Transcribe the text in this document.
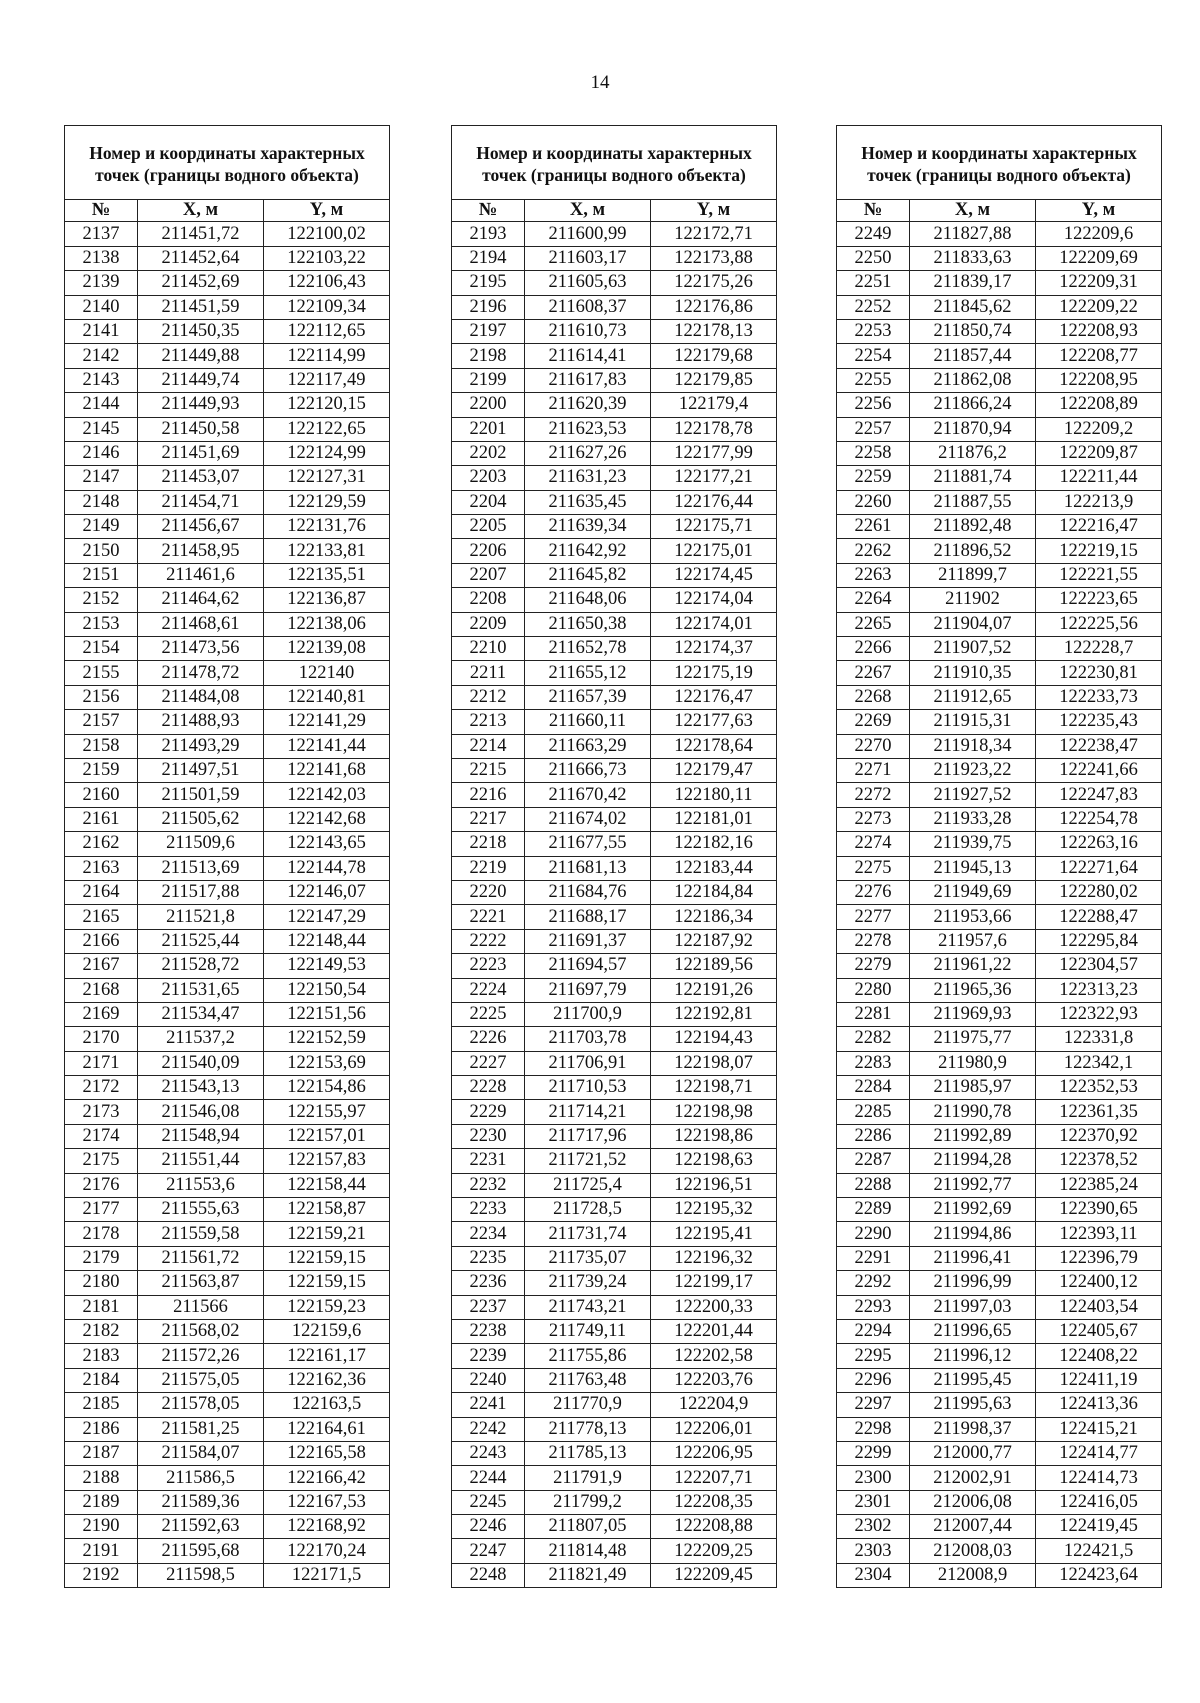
14
Номер и координаты характерных точек (границы водного объекта)		
№	X, м	Y, м
2137	211451,72	122100,02
2138	211452,64	122103,22
2139	211452,69	122106,43
2140	211451,59	122109,34
2141	211450,35	122112,65
2142	211449,88	122114,99
2143	211449,74	122117,49
2144	211449,93	122120,15
2145	211450,58	122122,65
2146	211451,69	122124,99
2147	211453,07	122127,31
2148	211454,71	122129,59
2149	211456,67	122131,76
2150	211458,95	122133,81
2151	211461,6	122135,51
2152	211464,62	122136,87
2153	211468,61	122138,06
2154	211473,56	122139,08
2155	211478,72	122140
2156	211484,08	122140,81
2157	211488,93	122141,29
2158	211493,29	122141,44
2159	211497,51	122141,68
2160	211501,59	122142,03
2161	211505,62	122142,68
2162	211509,6	122143,65
2163	211513,69	122144,78
2164	211517,88	122146,07
2165	211521,8	122147,29
2166	211525,44	122148,44
2167	211528,72	122149,53
2168	211531,65	122150,54
2169	211534,47	122151,56
2170	211537,2	122152,59
2171	211540,09	122153,69
2172	211543,13	122154,86
2173	211546,08	122155,97
2174	211548,94	122157,01
2175	211551,44	122157,83
2176	211553,6	122158,44
2177	211555,63	122158,87
2178	211559,58	122159,21
2179	211561,72	122159,15
2180	211563,87	122159,15
2181	211566	122159,23
2182	211568,02	122159,6
2183	211572,26	122161,17
2184	211575,05	122162,36
2185	211578,05	122163,5
2186	211581,25	122164,61
2187	211584,07	122165,58
2188	211586,5	122166,42
2189	211589,36	122167,53
2190	211592,63	122168,92
2191	211595,68	122170,24
2192	211598,5	122171,5
Номер и координаты характерных точек (границы водного объекта)		
№	X, м	Y, м
2193	211600,99	122172,71
2194	211603,17	122173,88
2195	211605,63	122175,26
2196	211608,37	122176,86
2197	211610,73	122178,13
2198	211614,41	122179,68
2199	211617,83	122179,85
2200	211620,39	122179,4
2201	211623,53	122178,78
2202	211627,26	122177,99
2203	211631,23	122177,21
2204	211635,45	122176,44
2205	211639,34	122175,71
2206	211642,92	122175,01
2207	211645,82	122174,45
2208	211648,06	122174,04
2209	211650,38	122174,01
2210	211652,78	122174,37
2211	211655,12	122175,19
2212	211657,39	122176,47
2213	211660,11	122177,63
2214	211663,29	122178,64
2215	211666,73	122179,47
2216	211670,42	122180,11
2217	211674,02	122181,01
2218	211677,55	122182,16
2219	211681,13	122183,44
2220	211684,76	122184,84
2221	211688,17	122186,34
2222	211691,37	122187,92
2223	211694,57	122189,56
2224	211697,79	122191,26
2225	211700,9	122192,81
2226	211703,78	122194,43
2227	211706,91	122198,07
2228	211710,53	122198,71
2229	211714,21	122198,98
2230	211717,96	122198,86
2231	211721,52	122198,63
2232	211725,4	122196,51
2233	211728,5	122195,32
2234	211731,74	122195,41
2235	211735,07	122196,32
2236	211739,24	122199,17
2237	211743,21	122200,33
2238	211749,11	122201,44
2239	211755,86	122202,58
2240	211763,48	122203,76
2241	211770,9	122204,9
2242	211778,13	122206,01
2243	211785,13	122206,95
2244	211791,9	122207,71
2245	211799,2	122208,35
2246	211807,05	122208,88
2247	211814,48	122209,25
2248	211821,49	122209,45
Номер и координаты характерных точек (границы водного объекта)		
№	X, м	Y, м
2249	211827,88	122209,6
2250	211833,63	122209,69
2251	211839,17	122209,31
2252	211845,62	122209,22
2253	211850,74	122208,93
2254	211857,44	122208,77
2255	211862,08	122208,95
2256	211866,24	122208,89
2257	211870,94	122209,2
2258	211876,2	122209,87
2259	211881,74	122211,44
2260	211887,55	122213,9
2261	211892,48	122216,47
2262	211896,52	122219,15
2263	211899,7	122221,55
2264	211902	122223,65
2265	211904,07	122225,56
2266	211907,52	122228,7
2267	211910,35	122230,81
2268	211912,65	122233,73
2269	211915,31	122235,43
2270	211918,34	122238,47
2271	211923,22	122241,66
2272	211927,52	122247,83
2273	211933,28	122254,78
2274	211939,75	122263,16
2275	211945,13	122271,64
2276	211949,69	122280,02
2277	211953,66	122288,47
2278	211957,6	122295,84
2279	211961,22	122304,57
2280	211965,36	122313,23
2281	211969,93	122322,93
2282	211975,77	122331,8
2283	211980,9	122342,1
2284	211985,97	122352,53
2285	211990,78	122361,35
2286	211992,89	122370,92
2287	211994,28	122378,52
2288	211992,77	122385,24
2289	211992,69	122390,65
2290	211994,86	122393,11
2291	211996,41	122396,79
2292	211996,99	122400,12
2293	211997,03	122403,54
2294	211996,65	122405,67
2295	211996,12	122408,22
2296	211995,45	122411,19
2297	211995,63	122413,36
2298	211998,37	122415,21
2299	212000,77	122414,77
2300	212002,91	122414,73
2301	212006,08	122416,05
2302	212007,44	122419,45
2303	212008,03	122421,5
2304	212008,9	122423,64
